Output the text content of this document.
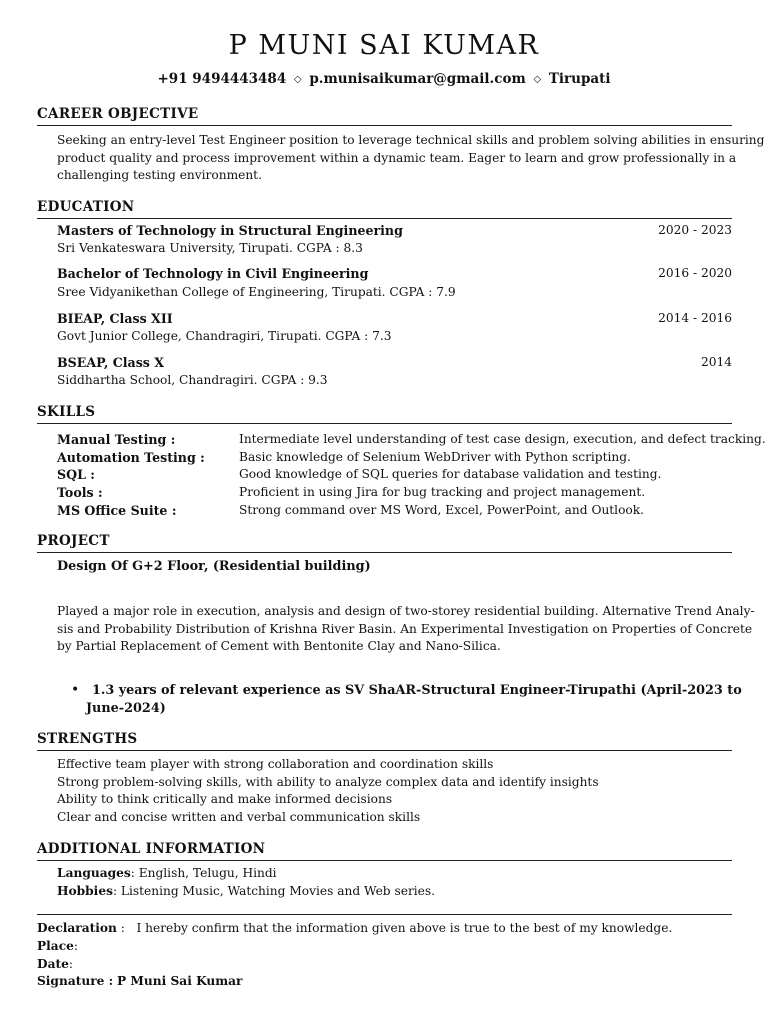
P MUNI SAI KUMAR
+91 9494443484 ◇ p.munisaikumar@gmail.com ◇ Tirupati
CAREER OBJECTIVE
Seeking an entry-level Test Engineer position to leverage technical skills and problem solving abilities in ensuring
product quality and process improvement within a dynamic team. Eager to learn and grow professionally in a
challenging testing environment.
EDUCATION
Masters of Technology in Structural Engineering	2020 - 2023
Sri Venkateswara University, Tirupati. CGPA : 8.3
Bachelor of Technology in Civil Engineering	2016 - 2020
Sree Vidyanikethan College of Engineering, Tirupati. CGPA : 7.9
BIEAP, Class XII	2014 - 2016
Govt Junior College, Chandragiri, Tirupati. CGPA : 7.3
BSEAP, Class X	2014
Siddhartha School, Chandragiri. CGPA : 9.3
SKILLS
Manual Testing :	Intermediate level understanding of test case design, execution, and defect tracking.
Automation Testing :	Basic knowledge of Selenium WebDriver with Python scripting.
SQL :	Good knowledge of SQL queries for database validation and testing.
Tools :	Proficient in using Jira for bug tracking and project management.
MS Office Suite :	Strong command over MS Word, Excel, PowerPoint, and Outlook.
PROJECT
Design Of G+2 Floor, (Residential building)
Played a major role in execution, analysis and design of two-storey residential building. Alternative Trend Analy-
sis and Probability Distribution of Krishna River Basin. An Experimental Investigation on Properties of Concrete
by Partial Replacement of Cement with Bentonite Clay and Nano-Silica.
• 1.3 years of relevant experience as SV ShaAR-Structural Engineer-Tirupathi (April-2023 to
June-2024)
STRENGTHS
Effective team player with strong collaboration and coordination skills
Strong problem-solving skills, with ability to analyze complex data and identify insights
Ability to think critically and make informed decisions
Clear and concise written and verbal communication skills
ADDITIONAL INFORMATION
Languages: English, Telugu, Hindi
Hobbies: Listening Music, Watching Movies and Web series.
Declaration :   I hereby confirm that the information given above is true to the best of my knowledge.
Place:
Date:
Signature : P Muni Sai Kumar
